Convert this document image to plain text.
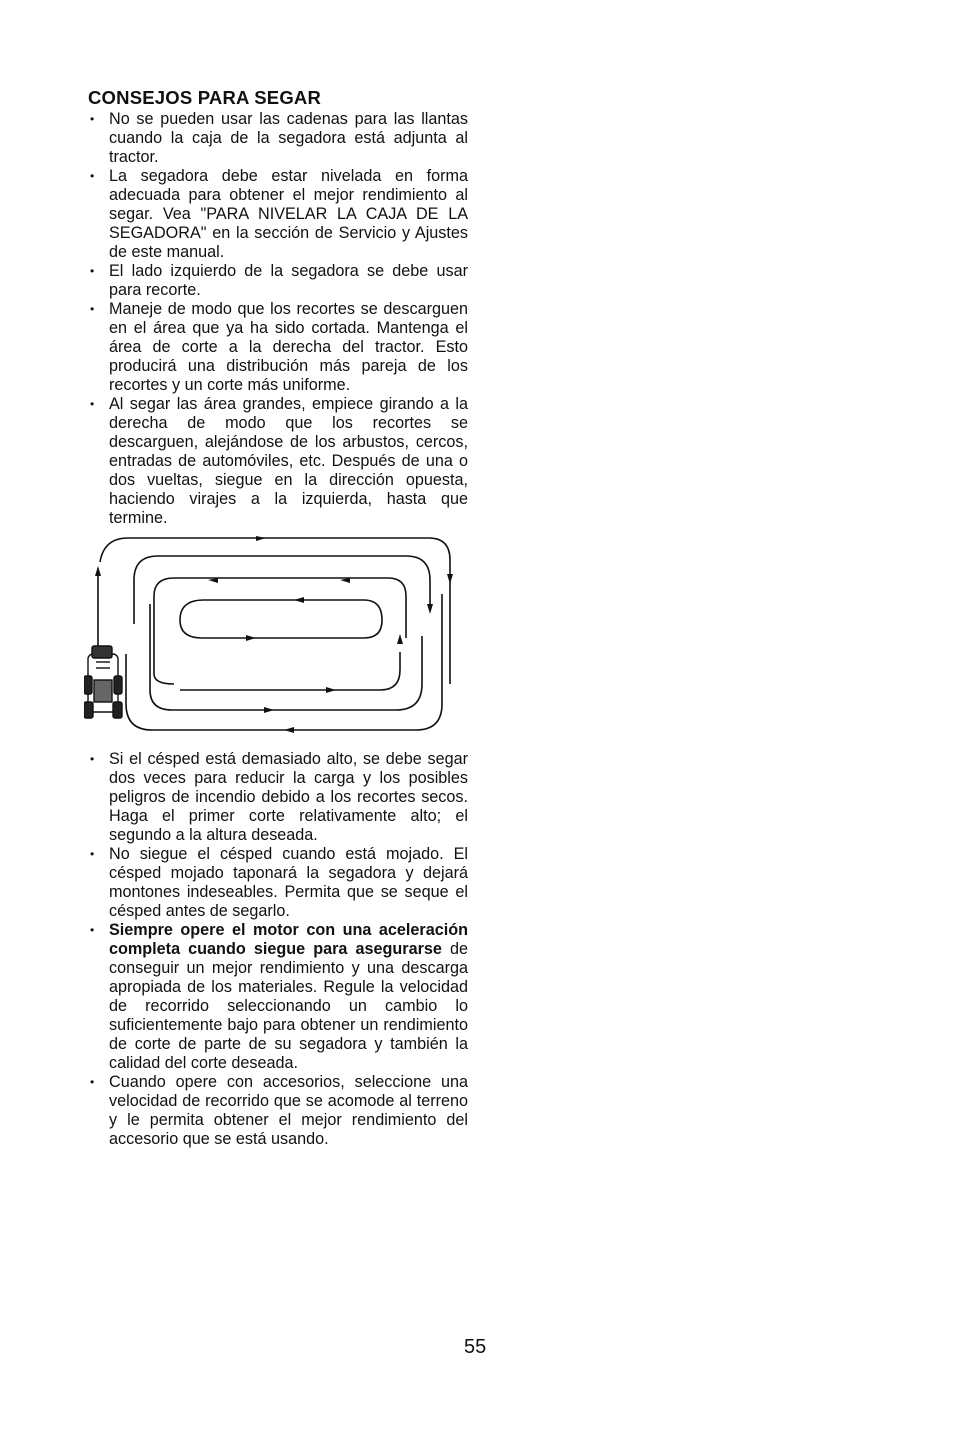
CONSEJOS PARA SEGAR
• No se pueden usar las cadenas para las llantas cuando la caja de la segadora está adjunta al tractor.
• La segadora debe estar nivelada en forma adecuada para obtener el mejor rendimiento al segar. Vea "PARA NIVELAR LA CAJA DE LA SEGADORA" en la sección de Servicio y Ajustes de este manual.
• El lado izquierdo de la segadora se debe usar para recorte.
• Maneje de modo que los recortes se descarguen en el área que ya ha sido cortada. Mantenga el área de corte a la derecha del tractor. Esto producirá una distribución más pareja de los recortes y un corte más uniforme.
• Al segar las área grandes, empiece girando a la derecha de modo que los recortes se descarguen, alejándose de los arbustos, cercos, entradas de automóviles, etc. Después de una o dos vueltas, siegue en la dirección opuesta, haciendo virajes a la izquierda, hasta que termine.
• Si el césped está demasiado alto, se debe segar dos veces para reducir la carga y los posibles peligros de incendio debido a los recortes secos. Haga el primer corte relativamente alto; el segundo a la altura deseada.
• No siegue el césped cuando está mojado. El césped mojado taponará la segadora y dejará montones indeseables. Permita que se seque el césped antes de segarlo.
• Siempre opere el motor con una aceleración completa cuando siegue para asegurarse de conseguir un mejor rendimiento y una descarga apropiada de los materiales. Regule la velocidad de recorrido seleccionando un cambio lo suficientemente bajo para obtener un rendimiento de corte de parte de su segadora y también la calidad del corte deseada.
• Cuando opere con accesorios, seleccione una velocidad de recorrido que se acomode al terreno y le permita obtener el mejor rendimiento del accesorio que se está usando.
55
